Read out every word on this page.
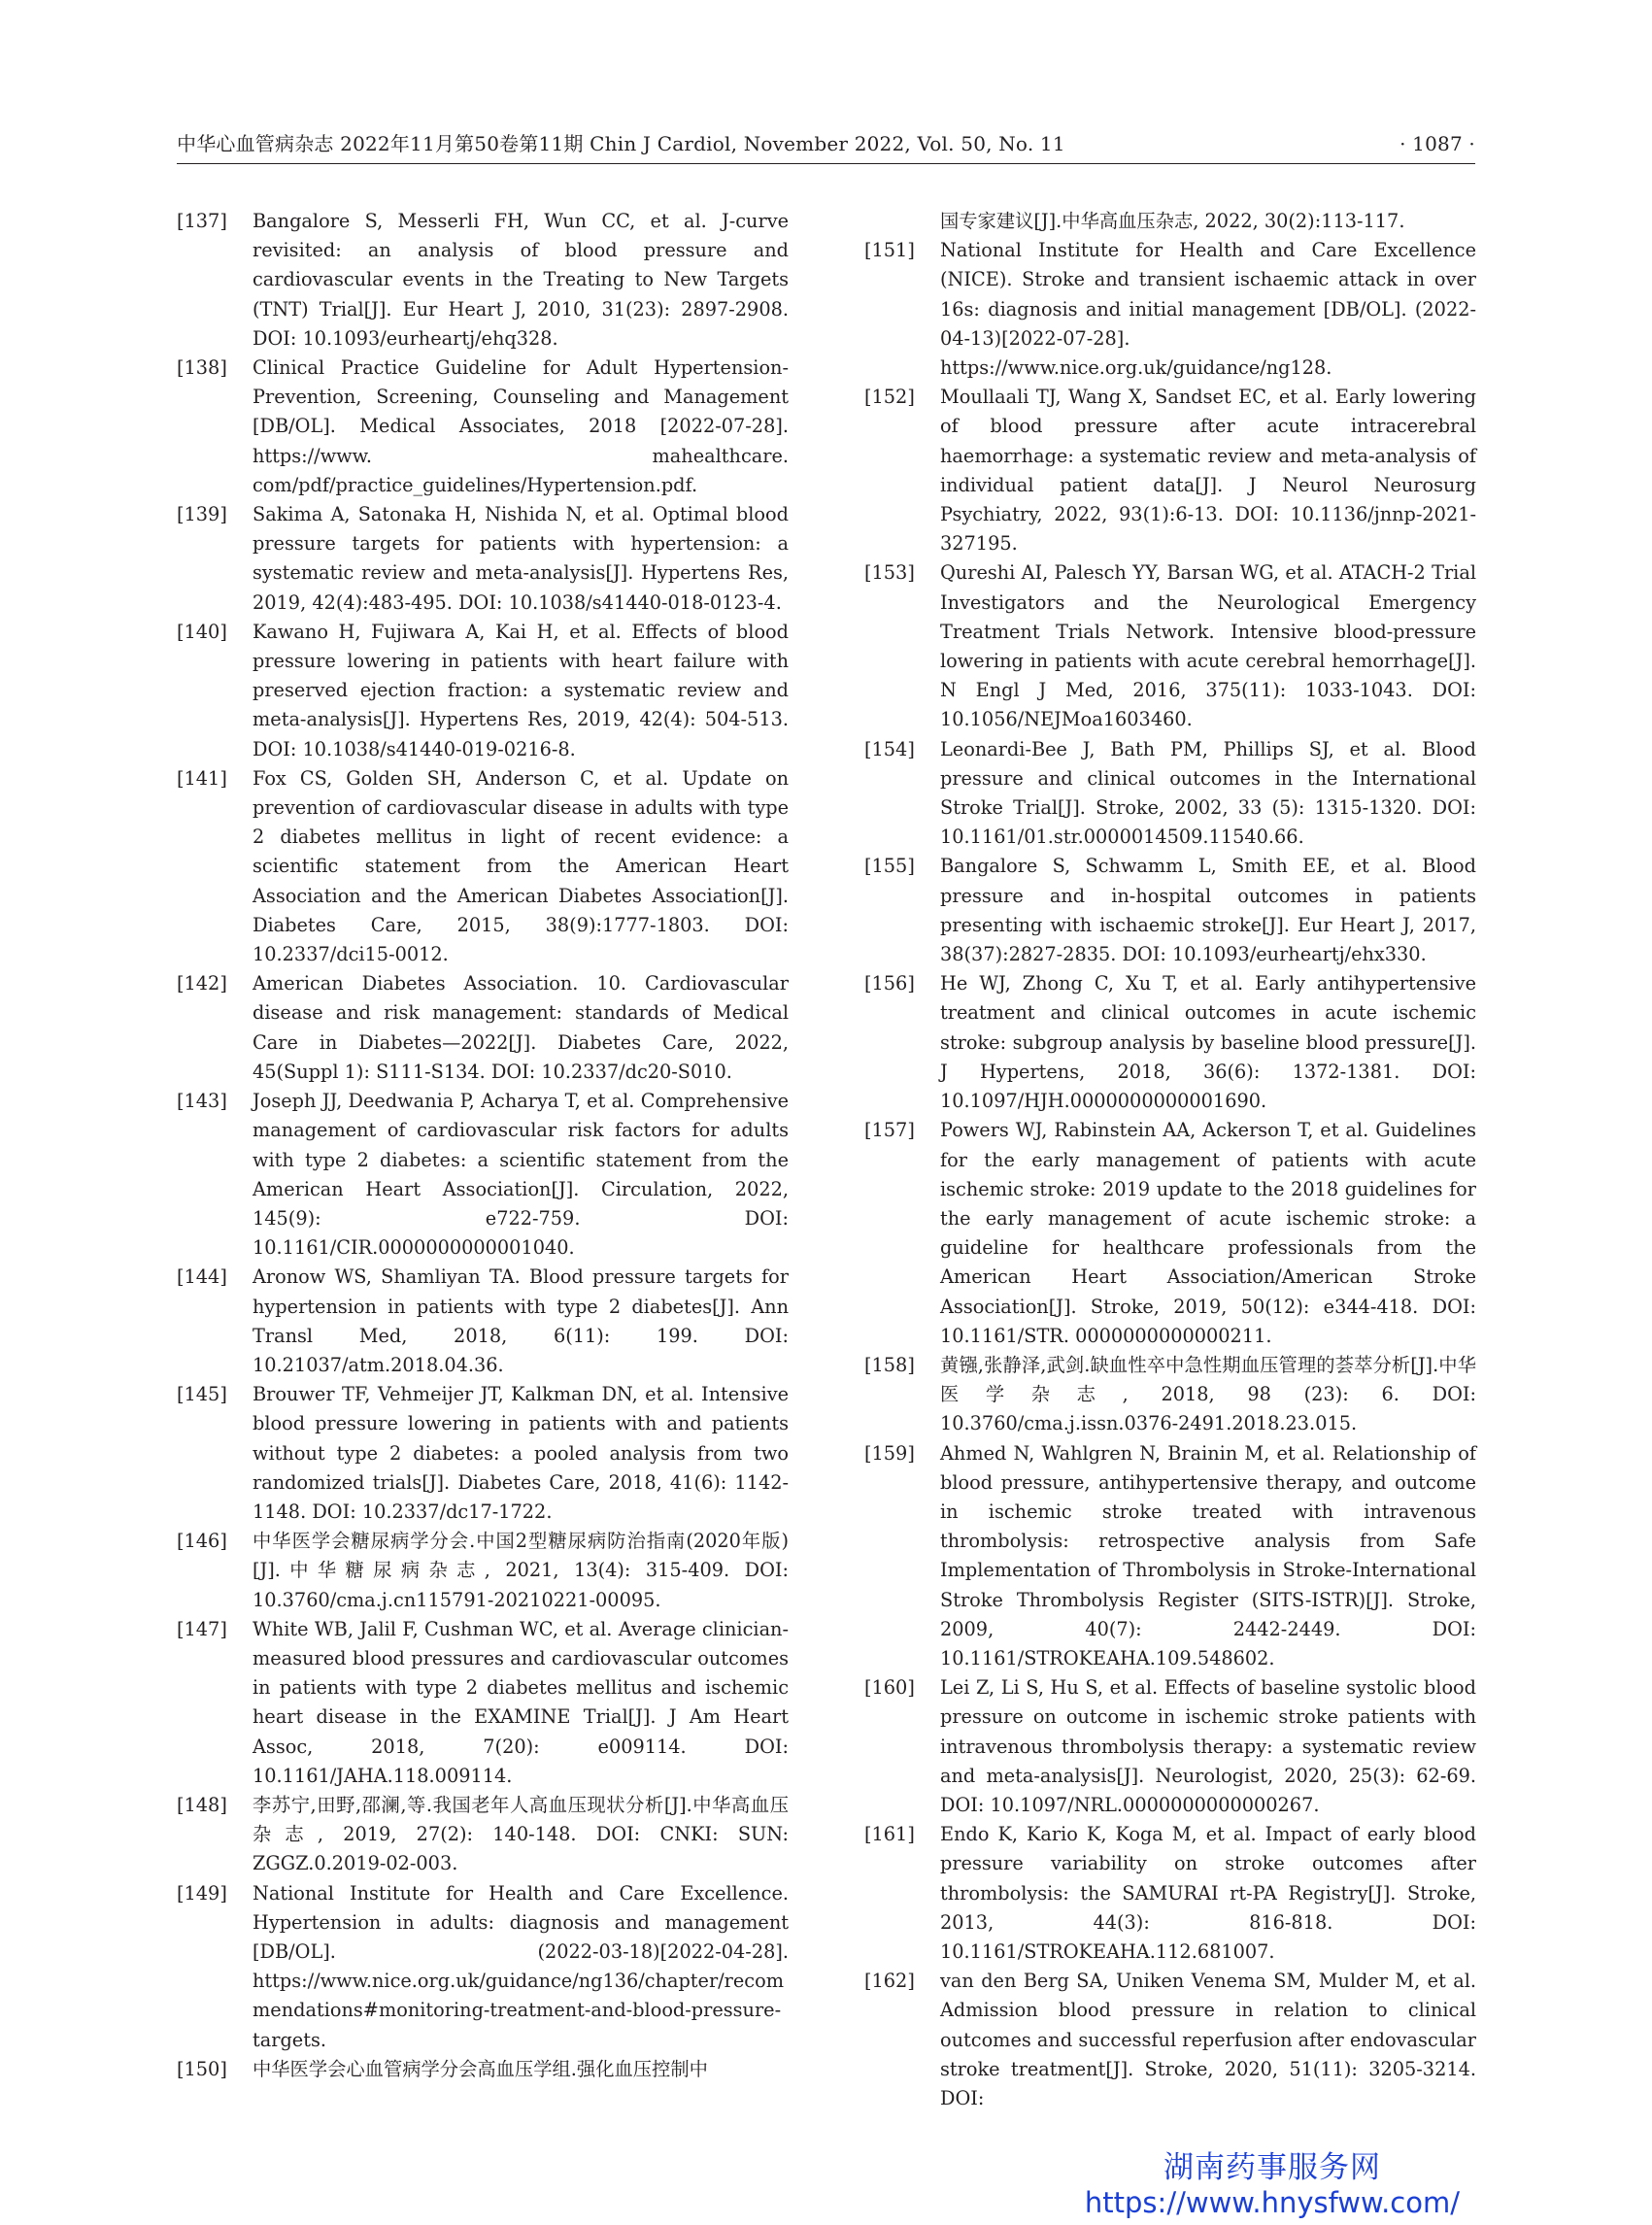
中华心血管病杂志 2022年11月第50卷第11期 Chin J Cardiol, November 2022, Vol. 50, No. 11	· 1087 ·
[137] Bangalore S, Messerli FH, Wun CC, et al. J-curve revisited: an analysis of blood pressure and cardiovascular events in the Treating to New Targets (TNT) Trial[J]. Eur Heart J, 2010, 31(23): 2897-2908. DOI: 10.1093/eurheartj/ehq328.
[138] Clinical Practice Guideline for Adult Hypertension-Prevention, Screening, Counseling and Management [DB/OL]. Medical Associates, 2018 [2022-07-28]. https://www. mahealthcare. com/pdf/practice_guidelines/Hypertension.pdf.
[139] Sakima A, Satonaka H, Nishida N, et al. Optimal blood pressure targets for patients with hypertension: a systematic review and meta-analysis[J]. Hypertens Res, 2019, 42(4):483-495. DOI: 10.1038/s41440-018-0123-4.
[140] Kawano H, Fujiwara A, Kai H, et al. Effects of blood pressure lowering in patients with heart failure with preserved ejection fraction: a systematic review and meta-analysis[J]. Hypertens Res, 2019, 42(4): 504-513. DOI: 10.1038/s41440-019-0216-8.
[141] Fox CS, Golden SH, Anderson C, et al. Update on prevention of cardiovascular disease in adults with type 2 diabetes mellitus in light of recent evidence: a scientific statement from the American Heart Association and the American Diabetes Association[J]. Diabetes Care, 2015, 38(9):1777-1803. DOI: 10.2337/dci15-0012.
[142] American Diabetes Association. 10. Cardiovascular disease and risk management: standards of Medical Care in Diabetes—2022[J]. Diabetes Care, 2022, 45(Suppl 1): S111-S134. DOI: 10.2337/dc20-S010.
[143] Joseph JJ, Deedwania P, Acharya T, et al. Comprehensive management of cardiovascular risk factors for adults with type 2 diabetes: a scientific statement from the American Heart Association[J]. Circulation, 2022, 145(9): e722-759. DOI: 10.1161/CIR.0000000000001040.
[144] Aronow WS, Shamliyan TA. Blood pressure targets for hypertension in patients with type 2 diabetes[J]. Ann Transl Med, 2018, 6(11): 199. DOI: 10.21037/atm.2018.04.36.
[145] Brouwer TF, Vehmeijer JT, Kalkman DN, et al. Intensive blood pressure lowering in patients with and patients without type 2 diabetes: a pooled analysis from two randomized trials[J]. Diabetes Care, 2018, 41(6): 1142-1148. DOI: 10.2337/dc17-1722.
[146] 中华医学会糖尿病学分会.中国2型糖尿病防治指南(2020年版)[J].中华糖尿病杂志, 2021, 13(4): 315-409. DOI: 10.3760/cma.j.cn115791-20210221-00095.
[147] White WB, Jalil F, Cushman WC, et al. Average clinician-measured blood pressures and cardiovascular outcomes in patients with type 2 diabetes mellitus and ischemic heart disease in the EXAMINE Trial[J]. J Am Heart Assoc, 2018, 7(20): e009114. DOI: 10.1161/JAHA.118.009114.
[148] 李苏宁,田野,邵澜,等.我国老年人高血压现状分析[J].中华高血压杂志, 2019, 27(2): 140-148. DOI: CNKI: SUN: ZGGZ.0.2019-02-003.
[149] National Institute for Health and Care Excellence. Hypertension in adults: diagnosis and management [DB/OL]. (2022-03-18)[2022-04-28]. https://www.nice.org.uk/guidance/ng136/chapter/recommendations#monitoring-treatment-and-blood-pressure-targets.
[150] 中华医学会心血管病学分会高血压学组.强化血压控制中
国专家建议[J].中华高血压杂志, 2022, 30(2):113-117.
[151] National Institute for Health and Care Excellence (NICE). Stroke and transient ischaemic attack in over 16s: diagnosis and initial management [DB/OL]. (2022-04-13)[2022-07-28]. https://www.nice.org.uk/guidance/ng128.
[152] Moullaali TJ, Wang X, Sandset EC, et al. Early lowering of blood pressure after acute intracerebral haemorrhage: a systematic review and meta-analysis of individual patient data[J]. J Neurol Neurosurg Psychiatry, 2022, 93(1):6-13. DOI: 10.1136/jnnp-2021-327195.
[153] Qureshi AI, Palesch YY, Barsan WG, et al. ATACH-2 Trial Investigators and the Neurological Emergency Treatment Trials Network. Intensive blood-pressure lowering in patients with acute cerebral hemorrhage[J]. N Engl J Med, 2016, 375(11): 1033-1043. DOI: 10.1056/NEJMoa1603460.
[154] Leonardi-Bee J, Bath PM, Phillips SJ, et al. Blood pressure and clinical outcomes in the International Stroke Trial[J]. Stroke, 2002, 33 (5): 1315-1320. DOI: 10.1161/01.str.0000014509.11540.66.
[155] Bangalore S, Schwamm L, Smith EE, et al. Blood pressure and in-hospital outcomes in patients presenting with ischaemic stroke[J]. Eur Heart J, 2017, 38(37):2827-2835. DOI: 10.1093/eurheartj/ehx330.
[156] He WJ, Zhong C, Xu T, et al. Early antihypertensive treatment and clinical outcomes in acute ischemic stroke: subgroup analysis by baseline blood pressure[J]. J Hypertens, 2018, 36(6): 1372-1381. DOI: 10.1097/HJH.0000000000001690.
[157] Powers WJ, Rabinstein AA, Ackerson T, et al. Guidelines for the early management of patients with acute ischemic stroke: 2019 update to the 2018 guidelines for the early management of acute ischemic stroke: a guideline for healthcare professionals from the American Heart Association/American Stroke Association[J]. Stroke, 2019, 50(12): e344-418. DOI: 10.1161/STR. 0000000000000211.
[158] 黄镪,张静泽,武剑.缺血性卒中急性期血压管理的荟萃分析[J].中华医学杂志, 2018, 98 (23): 6. DOI: 10.3760/cma.j.issn.0376-2491.2018.23.015.
[159] Ahmed N, Wahlgren N, Brainin M, et al. Relationship of blood pressure, antihypertensive therapy, and outcome in ischemic stroke treated with intravenous thrombolysis: retrospective analysis from Safe Implementation of Thrombolysis in Stroke-International Stroke Thrombolysis Register (SITS-ISTR)[J]. Stroke, 2009, 40(7): 2442-2449. DOI: 10.1161/STROKEAHA.109.548602.
[160] Lei Z, Li S, Hu S, et al. Effects of baseline systolic blood pressure on outcome in ischemic stroke patients with intravenous thrombolysis therapy: a systematic review and meta-analysis[J]. Neurologist, 2020, 25(3): 62-69. DOI: 10.1097/NRL.0000000000000267.
[161] Endo K, Kario K, Koga M, et al. Impact of early blood pressure variability on stroke outcomes after thrombolysis: the SAMURAI rt-PA Registry[J]. Stroke, 2013, 44(3): 816-818. DOI: 10.1161/STROKEAHA.112.681007.
[162] van den Berg SA, Uniken Venema SM, Mulder M, et al. Admission blood pressure in relation to clinical outcomes and successful reperfusion after endovascular stroke treatment[J]. Stroke, 2020, 51(11): 3205-3214. DOI:
湖南药事服务网
https://www.hnysfww.com/
